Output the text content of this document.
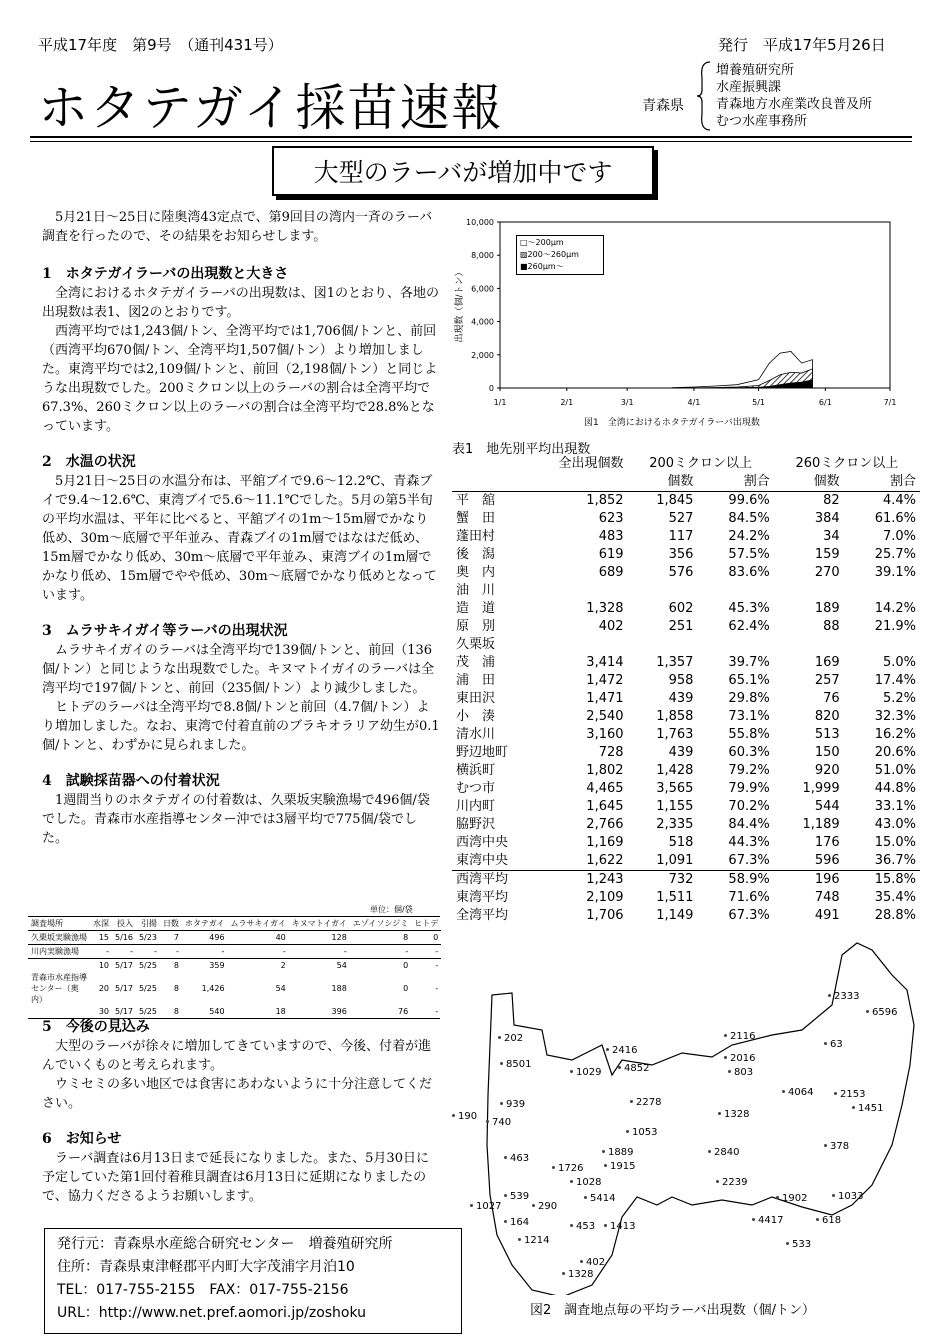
平成17年度　第9号　（通刊431号）	発行　平成17年5月26日
ホタテガイ採苗速報	青森県
増養殖研究所
水産振興課
青森地方水産業改良普及所
むつ水産事務所
大型のラーバが増加中です
5月21日～25日に陸奥湾43定点で、第9回目の湾内一斉のラーバ調査を行ったので、その結果をお知らせします。
1　ホタテガイラーバの出現数と大きさ
全湾におけるホタテガイラーバの出現数は、図1のとおり、各地の出現数は表1、図2のとおりです。
西湾平均では1,243個/トン、全湾平均では1,706個/トンと、前回（西湾平均670個/トン、全湾平均1,507個/トン）より増加しました。東湾平均では2,109個/トンと、前回（2,198個/トン）と同じような出現数でした。200ミクロン以上のラーバの割合は全湾平均で67.3%、260ミクロン以上のラーバの割合は全湾平均で28.8%となっています。
2　水温の状況
5月21日～25日の水温分布は、平舘ブイで9.6～12.2℃、青森ブイで9.4～12.6℃、東湾ブイで5.6～11.1℃でした。5月の第5半旬の平均水温は、平年に比べると、平舘ブイの1m～15m層でかなり低め、30m～底層で平年並み、青森ブイの1m層ではなはだ低め、15m層でかなり低め、30m～底層で平年並み、東湾ブイの1m層でかなり低め、15m層でやや低め、30m～底層でかなり低めとなっています。
3　ムラサキイガイ等ラーバの出現状況
ムラサキイガイのラーバは全湾平均で139個/トンと、前回（136個/トン）と同じような出現数でした。キヌマトイガイのラーバは全湾平均で197個/トンと、前回（235個/トン）より減少しました。
ヒトデのラーバは全湾平均で8.8個/トンと前回（4.7個/トン）より増加しました。なお、東湾で付着直前のブラキオラリア幼生が0.1個/トンと、わずかに見られました。
4　試験採苗器への付着状況
1週間当りのホタテガイの付着数は、久栗坂実験漁場で496個/袋でした。青森市水産指導センター沖では3層平均で775個/袋でした。
単位：個/袋
調査場所	水深	投入	引揚	日数	ホタテガイ	ムラサキイガイ	キヌマトイガイ	エゾイソシジミ	ヒトデ
久栗坂実験漁場	15	5/16	5/23	7	496	40	128	8	0
川内実験漁場	-	-	-	-	-	-	-	-	-
	10	5/17	5/25	8	359	2	54	0	-
青森市水産指導センター（奥内）	20	5/17	5/25	8	1,426	54	188	0	-
	30	5/17	5/25	8	540	18	396	76	-
5　今後の見込み
大型のラーバが徐々に増加してきていますので、今後、付着が進んでいくものと考えられます。
ウミセミの多い地区では食害にあわないように十分注意してください。
6　お知らせ
ラーバ調査は6月13日まで延長になりました。また、5月30日に予定していた第1回付着稚貝調査は6月13日に延期になりましたので、協力くださるようお願いします。
発行元：青森県水産総合研究センター　増養殖研究所
住所：青森県東津軽郡平内町大字茂浦字月泊10
TEL：017-755-2155　FAX：017-755-2156
URL：http://www.net.pref.aomori.jp/zoshoku
0
2,000
4,000
6,000
8,000
10,000
1/1	2/1	3/1	4/1	5/1	6/1	7/1
出現数（個/トン）
□～200μm
▨200～260μm
■260μm～
図1　全湾におけるホタテガイラーバ出現数
表1　地先別平均出現数
	全出現個数	200ミクロン以上		260ミクロン以上	
		個数	割合	個数	割合
平　舘	1,852	1,845	99.6%	82	4.4%
蟹　田	623	527	84.5%	384	61.6%
蓬田村	483	117	24.2%	34	7.0%
後　潟	619	356	57.5%	159	25.7%
奥　内	689	576	83.6%	270	39.1%
油　川					
造　道	1,328	602	45.3%	189	14.2%
原　別	402	251	62.4%	88	21.9%
久栗坂					
茂　浦	3,414	1,357	39.7%	169	5.0%
浦　田	1,472	958	65.1%	257	17.4%
東田沢	1,471	439	29.8%	76	5.2%
小　湊	2,540	1,858	73.1%	820	32.3%
清水川	3,160	1,763	55.8%	513	16.2%
野辺地町	728	439	60.3%	150	20.6%
横浜町	1,802	1,428	79.2%	920	51.0%
むつ市	4,465	3,565	79.9%	1,999	44.8%
川内町	1,645	1,155	70.2%	544	33.1%
脇野沢	2,766	2,335	84.4%	1,189	43.0%
西湾中央	1,169	518	44.3%	176	15.0%
東湾中央	1,622	1,091	67.3%	596	36.7%
西湾平均	1,243	732	58.9%	196	15.8%
東湾平均	2,109	1,511	71.6%	748	35.4%
全湾平均	1,706	1,149	67.3%	491	28.8%
2333
6596
202
2416
2116
63
2016
8501
1029 4852	803
4064	2153
939	2278
1451
190
740
1328
1053
378
1889	2840
463
1726	1915
1028	2239
1902	1033
539	5414
1027	290
4417	618
164	453 1413
533
1214
402
1328
図2　調査地点毎の平均ラーバ出現数（個/トン）
